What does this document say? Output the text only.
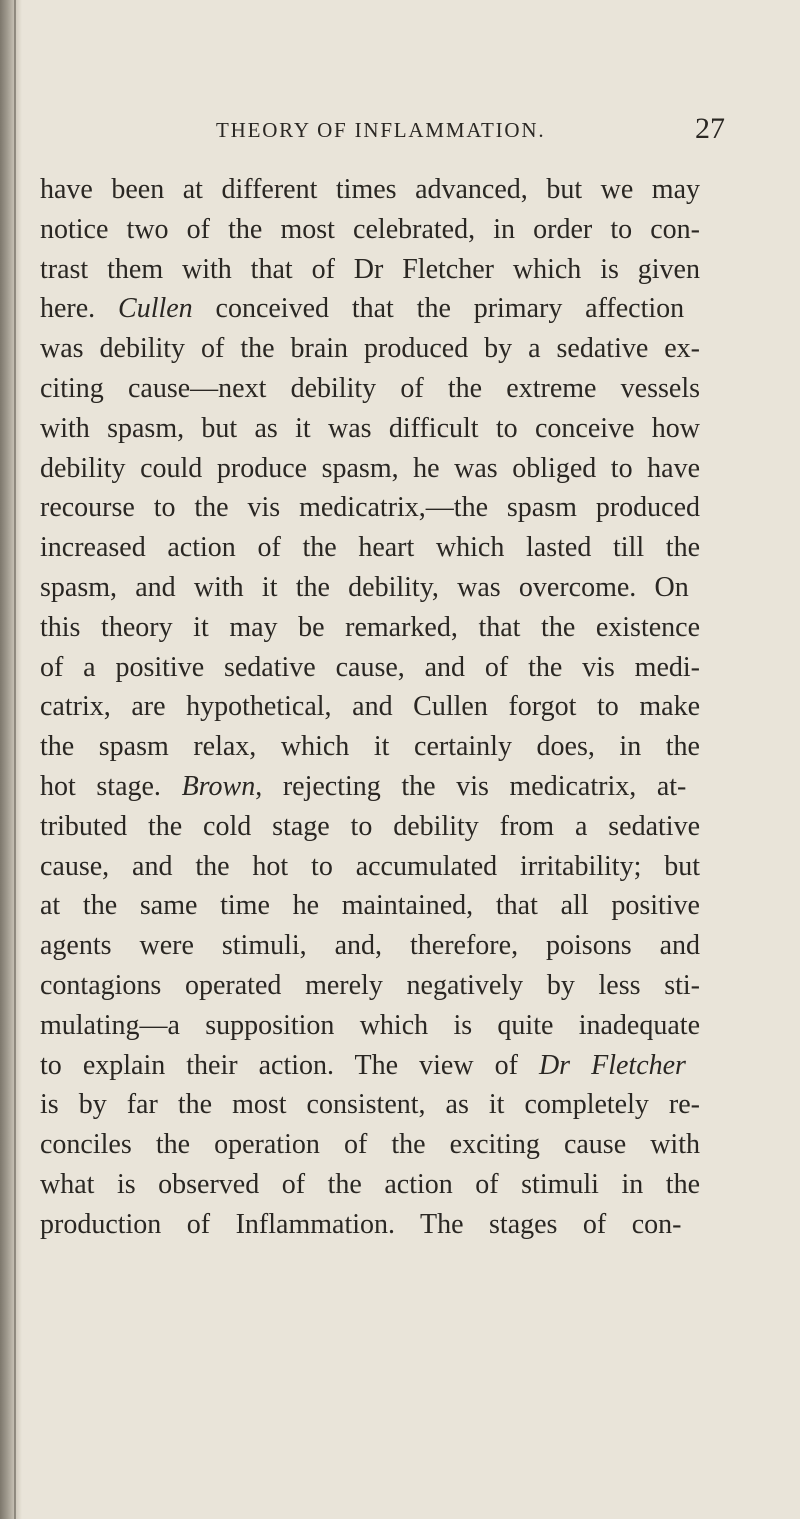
THEORY OF INFLAMMATION.	27
have been at different times advanced, but we may
notice two of the most celebrated, in order to con-
trast them with that of Dr Fletcher which is given
here. Cullen conceived that the primary affection
was debility of the brain produced by a sedative ex-
citing cause—next debility of the extreme vessels
with spasm, but as it was difficult to conceive how
debility could produce spasm, he was obliged to have
recourse to the vis medicatrix,—the spasm produced
increased action of the heart which lasted till the
spasm, and with it the debility, was overcome. On
this theory it may be remarked, that the existence
of a positive sedative cause, and of the vis medi-
catrix, are hypothetical, and Cullen forgot to make
the spasm relax, which it certainly does, in the
hot stage. Brown, rejecting the vis medicatrix, at-
tributed the cold stage to debility from a sedative
cause, and the hot to accumulated irritability; but
at the same time he maintained, that all positive
agents were stimuli, and, therefore, poisons and
contagions operated merely negatively by less sti-
mulating—a supposition which is quite inadequate
to explain their action. The view of Dr Fletcher
is by far the most consistent, as it completely re-
conciles the operation of the exciting cause with
what is observed of the action of stimuli in the
production of Inflammation. The stages of con-
